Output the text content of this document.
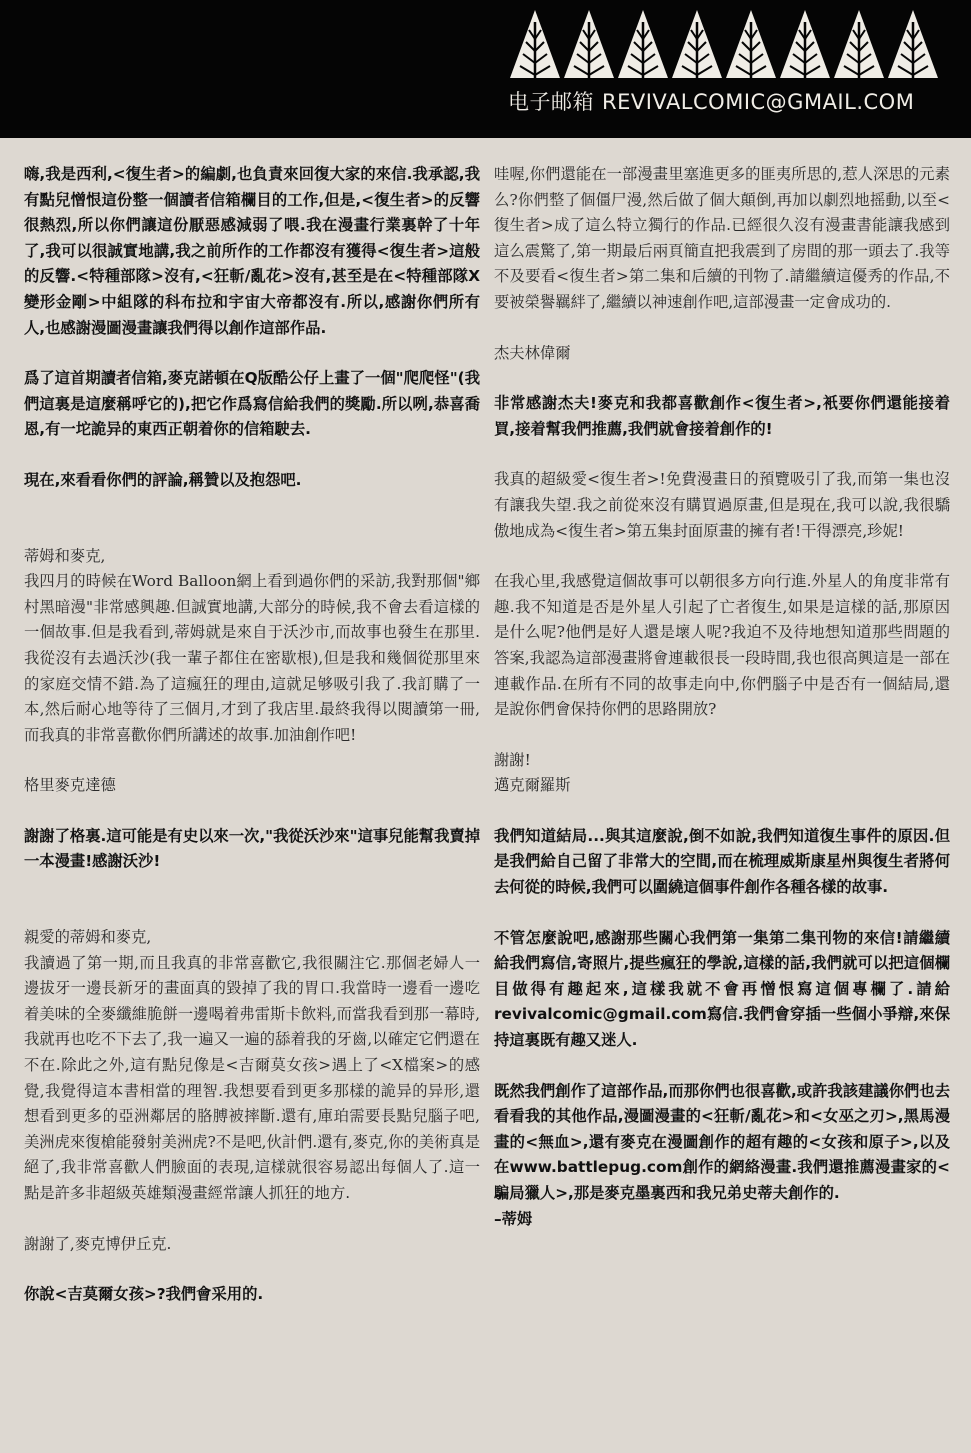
电子邮箱 REVIVALCOMIC@GMAIL.COM

嗨,我是西利,<復生者>的編劇,也負責來回復大家的來信.我承認,我有點兒憎恨這份整一個讀者信箱欄目的工作,但是,<復生者>的反響很熱烈,所以你們讓這份厭惡感減弱了喂.我在漫畫行業裏幹了十年了,我可以很誠實地講,我之前所作的工作都沒有獲得<復生者>這般的反響.<特種部隊>沒有,<狂斬/亂花>沒有,甚至是在<特種部隊X變形金剛>中組隊的科布拉和宇宙大帝都沒有.所以,感謝你們所有人,也感謝漫圖漫畫讓我們得以創作這部作品.

爲了這首期讀者信箱,麥克諾頓在Q版酷公仔上畫了一個"爬爬怪"(我們這裏是這麼稱呼它的),把它作爲寫信給我們的獎勵.所以咧,恭喜喬恩,有一坨詭异的東西正朝着你的信箱駛去.

現在,來看看你們的評論,稱贊以及抱怨吧.

蒂姆和麥克,

我四月的時候在Word Balloon網上看到過你們的采訪,我對那個"鄉村黑暗漫"非常感興趣.但誠實地講,大部分的時候,我不會去看這樣的一個故事.但是我看到,蒂姆就是來自于沃沙市,而故事也發生在那里.我從沒有去過沃沙(我一輩子都住在密歇根),但是我和幾個從那里來的家庭交情不錯.為了這瘋狂的理由,這就足够吸引我了.我訂購了一本,然后耐心地等待了三個月,才到了我店里.最終我得以閱讀第一冊,而我真的非常喜歡你們所講述的故事.加油創作吧!

格里麥克達德

謝謝了格裏.這可能是有史以來一次,"我從沃沙來"這事兒能幫我賣掉一本漫畫!感謝沃沙!

親愛的蒂姆和麥克,

我讀過了第一期,而且我真的非常喜歡它,我很關注它.那個老婦人一邊拔牙一邊長新牙的畫面真的毀掉了我的胃口.我當時一邊看一邊吃着美味的全麥纖維脆餅一邊喝着弗雷斯卡飲料,而當我看到那一幕時,我就再也吃不下去了,我一遍又一遍的舔着我的牙齒,以確定它們還在不在.除此之外,這有點兒像是<吉爾莫女孩>遇上了<X檔案>的感覺,我覺得這本書相當的理智.我想要看到更多那樣的詭异的异形,還想看到更多的亞洲鄰居的胳膊被摔斷.還有,庫珀需要長點兒腦子吧,美洲虎來復槍能發射美洲虎?不是吧,伙計們.還有,麥克,你的美術真是絕了,我非常喜歡人們臉面的表現,這樣就很容易認出每個人了.這一點是許多非超級英雄類漫畫經常讓人抓狂的地方.

謝謝了,麥克博伊丘克.

你說<吉莫爾女孩>?我們會采用的.

哇喔,你們還能在一部漫畫里塞進更多的匪夷所思的,惹人深思的元素么?你們整了個僵尸漫,然后做了個大顛倒,再加以劇烈地摇動,以至<復生者>成了這么特立獨行的作品.已經很久沒有漫畫書能讓我感到這么震驚了,第一期最后兩頁簡直把我震到了房間的那一頭去了.我等不及要看<復生者>第二集和后續的刊物了.請繼續這優秀的作品,不要被榮譽羈絆了,繼續以神速創作吧,這部漫畫一定會成功的.

杰夫林偉爾

非常感謝杰夫!麥克和我都喜歡創作<復生者>,衹要你們還能接着買,接着幫我們推薦,我們就會接着創作的!

我真的超級愛<復生者>!免費漫畫日的預覽吸引了我,而第一集也沒有讓我失望.我之前從來沒有購買過原畫,但是現在,我可以說,我很驕傲地成為<復生者>第五集封面原畫的擁有者!干得漂亮,珍妮!

在我心里,我感覺這個故事可以朝很多方向行進.外星人的角度非常有趣.我不知道是否是外星人引起了亡者復生,如果是這樣的話,那原因是什么呢?他們是好人還是壞人呢?我迫不及待地想知道那些問題的答案,我認為這部漫畫將會連載很長一段時間,我也很高興這是一部在連載作品.在所有不同的故事走向中,你們腦子中是否有一個結局,還是說你們會保持你們的思路開放?

謝謝!

邁克爾羅斯

我們知道結局...與其這麼說,倒不如說,我們知道復生事件的原因.但是我們給自己留了非常大的空間,而在梳理威斯康星州與復生者將何去何從的時候,我們可以圍繞這個事件創作各種各樣的故事.

不管怎麼說吧,感謝那些關心我們第一集第二集刊物的來信!請繼續給我們寫信,寄照片,提些瘋狂的學說,這樣的話,我們就可以把這個欄目做得有趣起來,這樣我就不會再憎恨寫這個專欄了.請給revivalcomic@gmail.com寫信.我們會穿插一些個小爭辯,來保持這裏既有趣又迷人.

既然我們創作了這部作品,而那你們也很喜歡,或許我該建議你們也去看看我的其他作品,漫圖漫畫的<狂斬/亂花>和<女巫之刃>,黑馬漫畫的<無血>,還有麥克在漫圖創作的超有趣的<女孩和原子>,以及在www.battlepug.com創作的網絡漫畫.我們還推薦漫畫家的<騙局獵人>,那是麥克墨裏西和我兄弟史蒂夫創作的.

–蒂姆
